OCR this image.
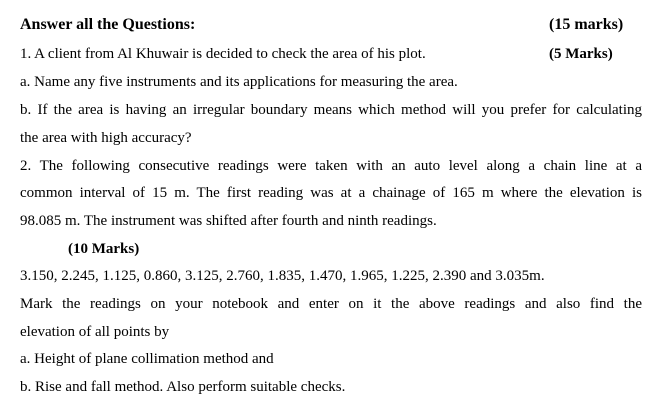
Answer all the Questions:	(15 marks)
1. A client from Al Khuwair is decided to check the area of his plot.	(5 Marks)
a. Name any five instruments and its applications for measuring the area.
b. If the area is having an irregular boundary means which method will you prefer for calculating
the area with high accuracy?
2. The following consecutive readings were taken with an auto level along a chain line at a
common interval of 15 m. The first reading was at a chainage of 165 m where the elevation is
98.085 m. The instrument was shifted after fourth and ninth readings.
(10 Marks)
3.150, 2.245, 1.125, 0.860, 3.125, 2.760, 1.835, 1.470, 1.965, 1.225, 2.390 and 3.035m.
Mark the readings on your notebook and enter on it the above readings and also find the
elevation of all points by
a. Height of plane collimation method and
b. Rise and fall method. Also perform suitable checks.
